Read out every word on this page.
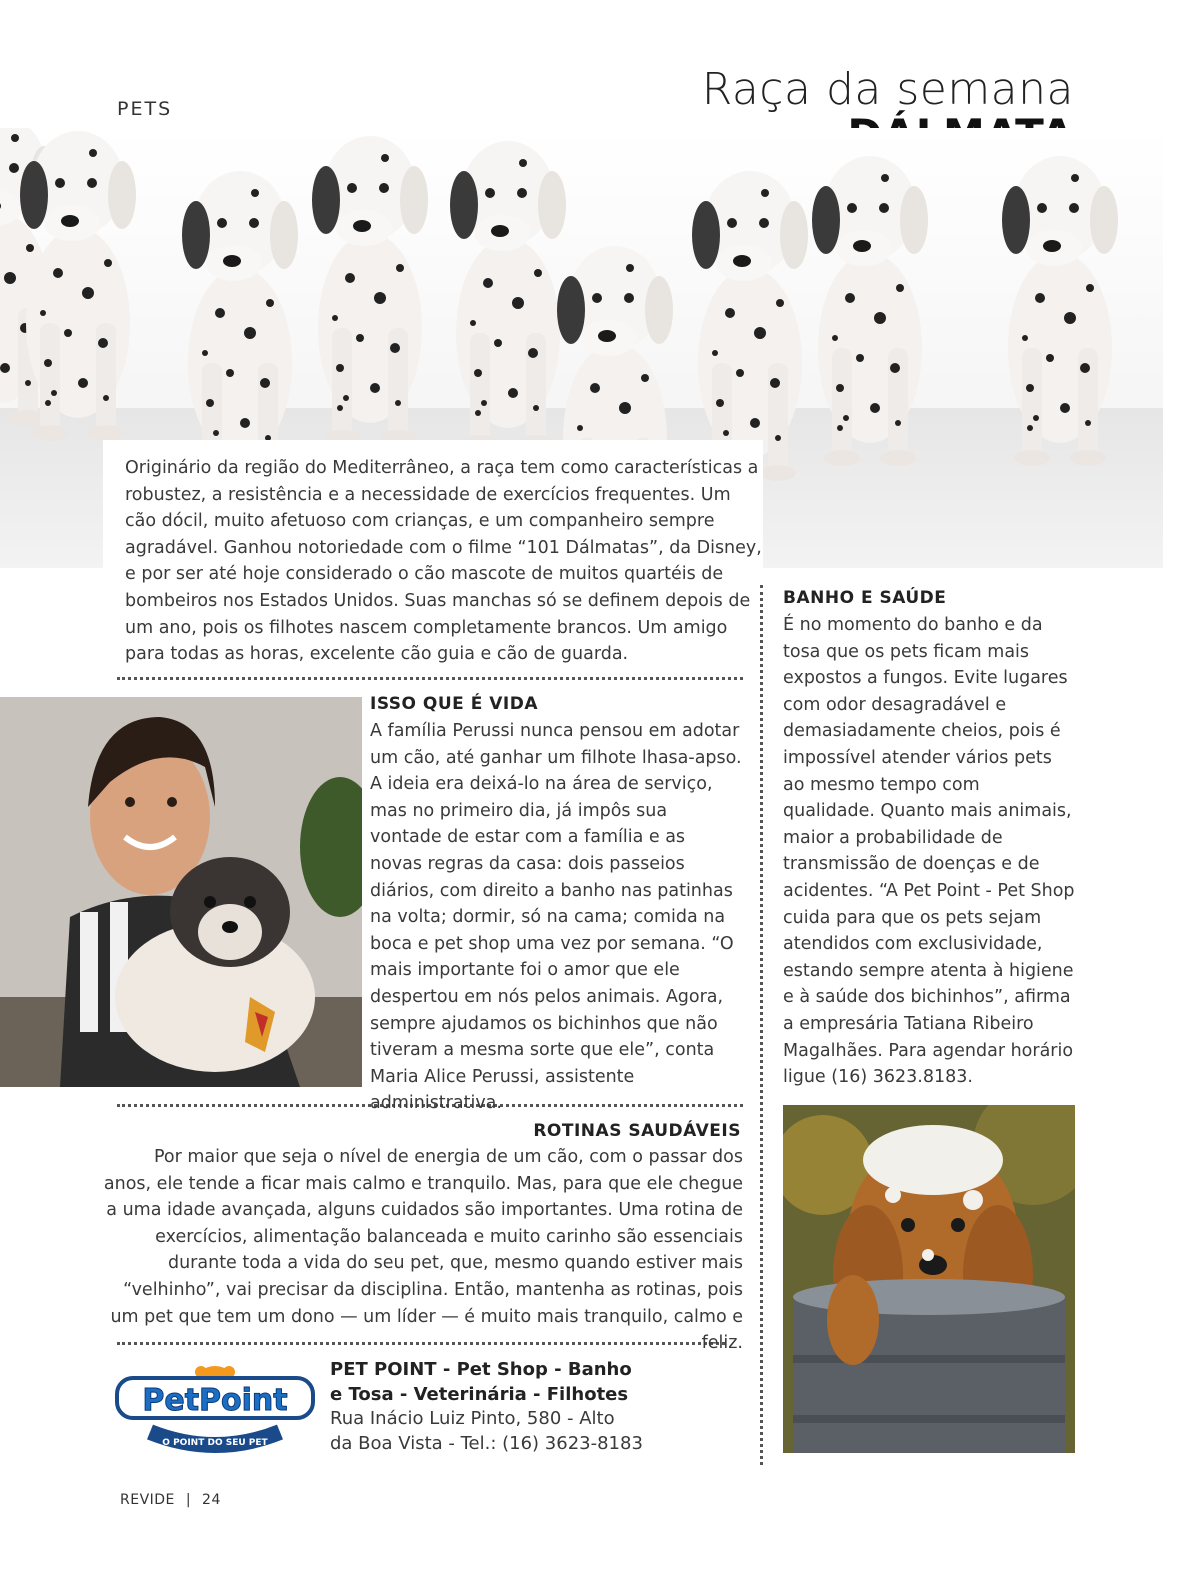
PETS	Raça da semana
Originário da região do Mediterrâneo, a raça tem como características a robustez, a resistência e a necessidade de exercícios frequentes. Um cão dócil, muito afetuoso com crianças, e um companheiro sempre agradável. Ganhou notoriedade com o filme “101 Dálmatas”, da Disney, e por ser até hoje considerado o cão mascote de muitos quartéis de bombeiros nos Estados Unidos. Suas manchas só se definem depois de um ano, pois os filhotes nascem completamente brancos. Um amigo para todas as horas, excelente cão guia e cão de guarda.
ISSO QUE É VIDA
A família Perussi nunca pensou em adotar um cão, até ganhar um filhote lhasa-apso. A ideia era deixá-lo na área de serviço, mas no primeiro dia, já impôs sua vontade de estar com a família e as novas regras da casa: dois passeios diários, com direito a banho nas patinhas na volta; dormir, só na cama; comida na boca e pet shop uma vez por semana. “O mais importante foi o amor que ele despertou em nós pelos animais. Agora, sempre ajudamos os bichinhos que não tiveram a mesma sorte que ele”, conta Maria Alice Perussi, assistente administrativa.
BANHO E SAÚDE
É no momento do banho e da tosa que os pets ficam mais expostos a fungos. Evite lugares com odor desagradável e demasiadamente cheios, pois é impossível atender vários pets ao mesmo tempo com qualidade. Quanto mais animais, maior a probabilidade de transmissão de doenças e de acidentes. “A Pet Point - Pet Shop cuida para que os pets sejam atendidos com exclusividade, estando sempre atenta à higiene e à saúde dos bichinhos”, afirma a empresária Tatiana Ribeiro Magalhães. Para agendar horário ligue (16) 3623.8183.
ROTINAS SAUDÁVEIS
Por maior que seja o nível de energia de um cão, com o passar dos anos, ele tende a ficar mais calmo e tranquilo. Mas, para que ele chegue a uma idade avançada, alguns cuidados são importantes. Uma rotina de exercícios, alimentação balanceada e muito carinho são essenciais durante toda a vida do seu pet, que, mesmo quando estiver mais “velhinho”, vai precisar da disciplina. Então, mantenha as rotinas, pois um pet que tem um dono — um líder — é muito mais tranquilo, calmo e feliz.
PetPoint
O POINT DO SEU PET
PET POINT - Pet Shop - Banho
e Tosa - Veterinária - Filhotes
Rua Inácio Luiz Pinto, 580 - Alto
da Boa Vista - Tel.: (16) 3623-8183
REVIDE | 24
